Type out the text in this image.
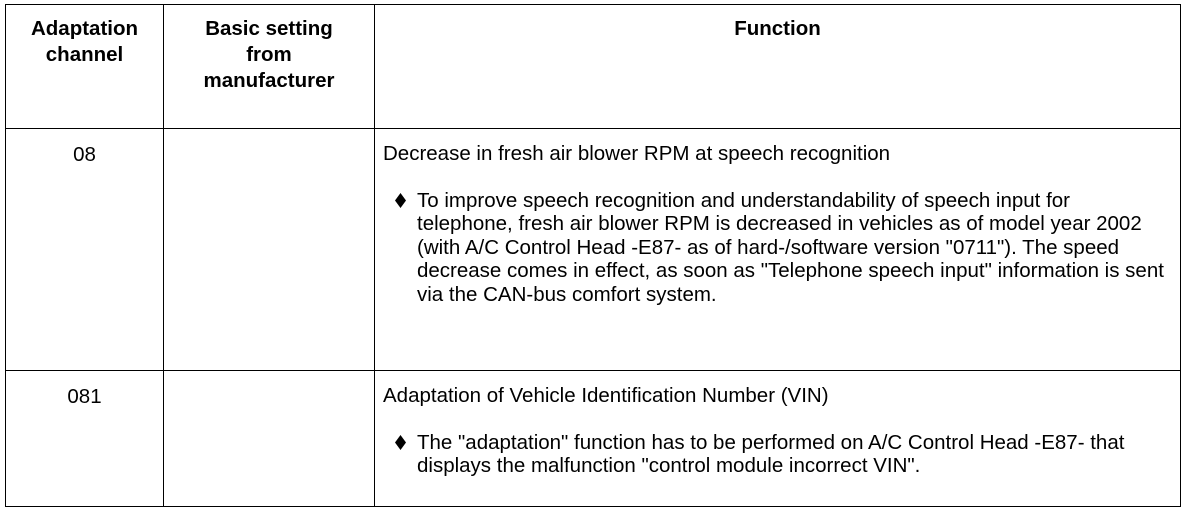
Adaptation
channel
Basic setting
from
manufacturer
Function
08	Decrease in fresh air blower RPM at speech recognition
To improve speech recognition and understandability of speech input for telephone, fresh air blower RPM is decreased in vehicles as of model year 2002 (with A/C Control Head -E87- as of hard-/software version "0711"). The speed decrease comes in effect, as soon as "Telephone speech input" information is sent via the CAN-bus comfort system.
081	Adaptation of Vehicle Identification Number (VIN)
The "adaptation" function has to be performed on A/C Control Head -E87- that displays the malfunction "control module incorrect VIN".
